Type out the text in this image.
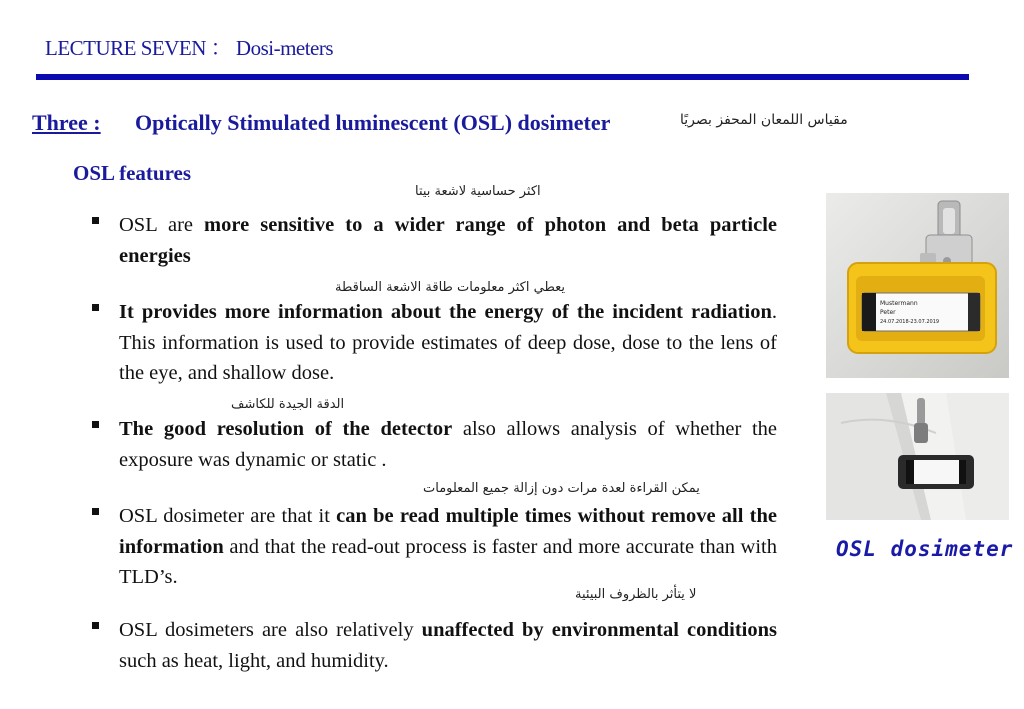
LECTURE SEVEN ： Dosi-meters
Three : Optically Stimulated luminescent (OSL) dosimeter	مقياس اللمعان المحفز بصريًا
OSL features
اكثر حساسية لاشعة بيتا
يعطي اكثر معلومات طاقة الاشعة الساقطة
الدقة الجيدة للكاشف
يمكن القراءة لعدة مرات دون إزالة جميع المعلومات
لا يتأثر بالظروف البيئية
OSL are more sensitive to a wider range of photon and beta particle energies
It provides more information about the energy of the incident radiation. This information is used to provide estimates of deep dose, dose to the lens of the eye, and shallow dose.
The good resolution of the detector also allows analysis of whether the exposure was dynamic or static .
OSL dosimeter are that it can be read multiple times without remove all the information and that the read-out process is faster and more accurate than with TLD’s.
OSL dosimeters are also relatively unaffected by environmental conditions such as heat, light, and humidity.
Mustermann
Peter
24.07.2018-23.07.2019
OSL dosimeter
